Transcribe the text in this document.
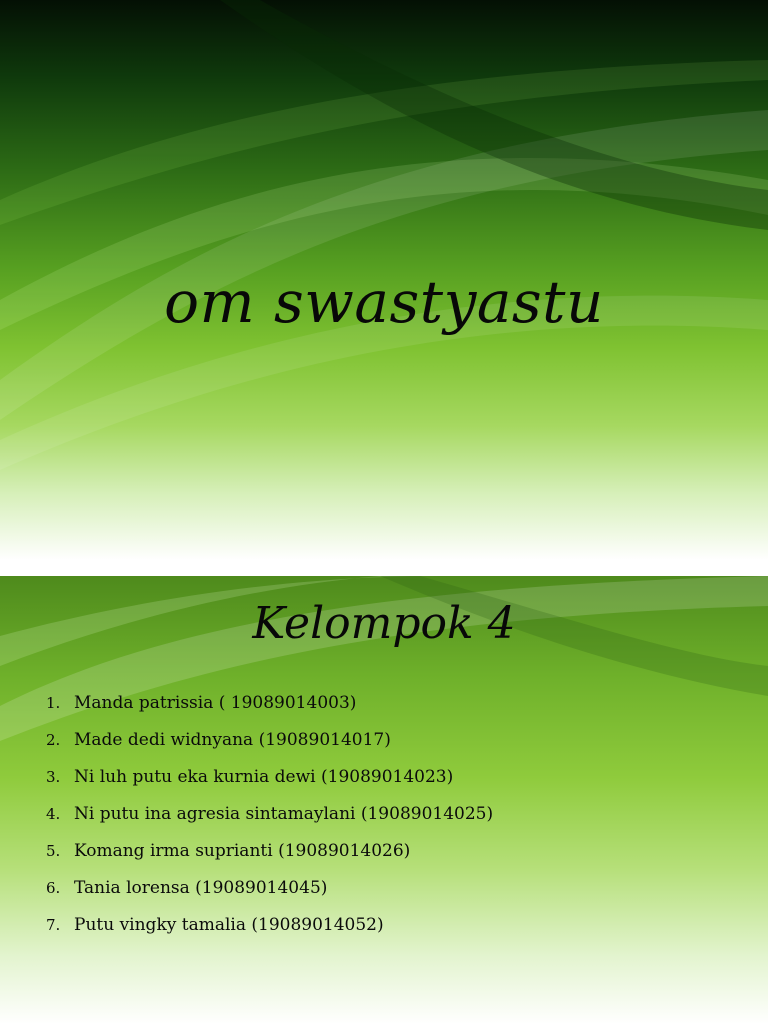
om swastyastu
Kelompok 4
1. Manda patrissia ( 19089014003)
2. Made dedi widnyana (19089014017)
3. Ni luh putu eka kurnia dewi (19089014023)
4. Ni putu ina agresia sintamaylani (19089014025)
5. Komang irma suprianti (19089014026)
6. Tania lorensa (19089014045)
7. Putu vingky tamalia (19089014052)
